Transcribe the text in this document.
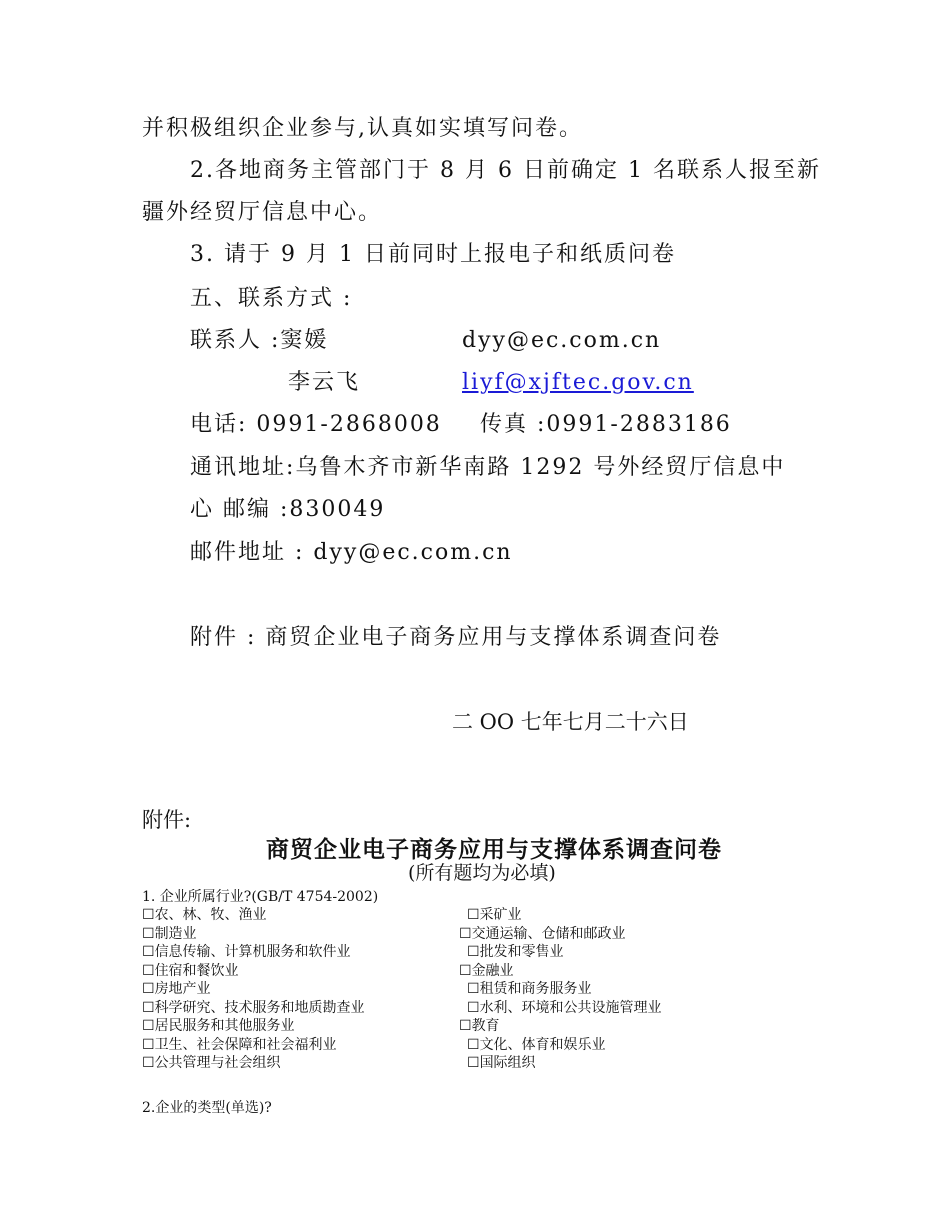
并积极组织企业参与,认真如实填写问卷。
2.各地商务主管部门于 8 月 6 日前确定 1 名联系人报至新
疆外经贸厅信息中心。
3. 请于 9 月 1 日前同时上报电子和纸质问卷
五、联系方式 :
联系人 :窦媛	dyy@ec.com.cn
李云飞	liyf@xjftec.gov.cn
电话: 0991-2868008 传真 :0991-2883186
通讯地址:乌鲁木齐市新华南路 1292 号外经贸厅信息中
心 邮编 :830049
邮件地址 : dyy@ec.com.cn
附件 : 商贸企业电子商务应用与支撑体系调查问卷
二 OO 七年七月二十六日
附件:
商贸企业电子商务应用与支撑体系调查问卷
(所有题均为必填)
1. 企业所属行业?(GB/T 4754-2002)
☐农、林、牧、渔业
☐制造业
☐信息传输、计算机服务和软件业
☐住宿和餐饮业
☐房地产业
☐科学研究、技术服务和地质勘查业
☐居民服务和其他服务业
☐卫生、社会保障和社会福利业
☐公共管理与社会组织
☐采矿业
☐交通运输、仓储和邮政业
☐批发和零售业
☐金融业
☐租赁和商务服务业
☐水利、环境和公共设施管理业
☐教育
☐文化、体育和娱乐业
☐国际组织
2.企业的类型(单选)?
